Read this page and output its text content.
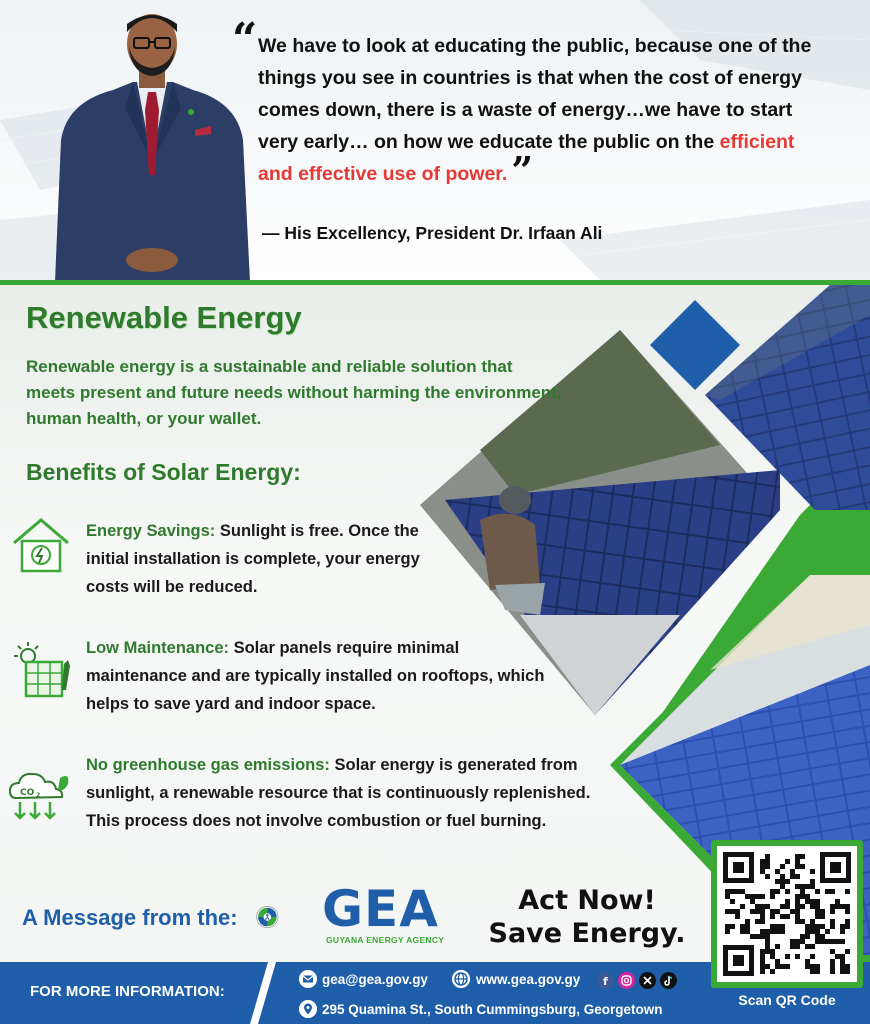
“ We have to look at educating the public, because one of the things you see in countries is that when the cost of energy comes down, there is a waste of energy…we have to start very early… on how we educate the public on the efficient and effective use of power. ”
— His Excellency, President Dr. Irfaan Ali
Renewable Energy
Renewable energy is a sustainable and reliable solution that meets present and future needs without harming the environment, human health, or your wallet.
Benefits of Solar Energy:
Energy Savings: Sunlight is free. Once the initial installation is complete, your energy costs will be reduced.
Low Maintenance: Solar panels require minimal maintenance and are typically installed on rooftops, which helps to save yard and indoor space.
CO 2
No greenhouse gas emissions: Solar energy is generated from sunlight, a renewable resource that is continuously replenished. This process does not involve combustion or fuel burning.
A Message from the: GEA
GUYANA ENERGY AGENCY
Act Now!
Save Energy.
FOR MORE INFORMATION:
gea@gea.gov.gy	www.gea.gov.gy f
295 Quamina St., South Cummingsburg, Georgetown
Scan QR Code
